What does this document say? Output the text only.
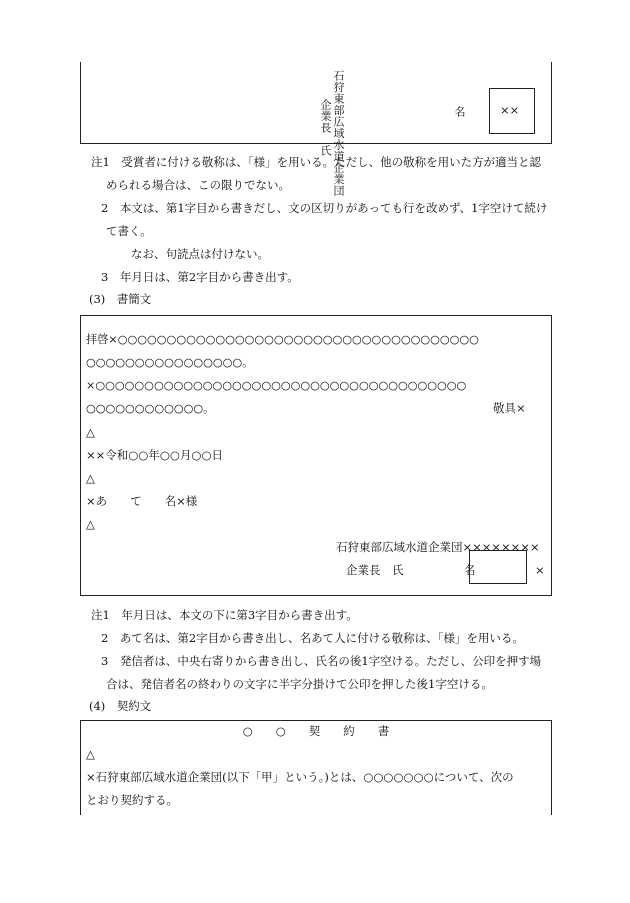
石狩東部広域水道企業団
企業長　氏	名	××
注1　受賞者に付ける敬称は、「様」を用いる。ただし、他の敬称を用いた方が適当と認
められる場合は、この限りでない。
2　本文は、第1字目から書きだし、文の区切りがあっても行を改めず、1字空けて続け
て書く。
なお、句読点は付けない。
3　年月日は、第2字目から書き出す。
(3)　書簡文
拝啓×○○○○○○○○○○○○○○○○○○○○○○○○○○○○○○○○○○○○○
○○○○○○○○○○○○○○○○。
×○○○○○○○○○○○○○○○○○○○○○○○○○○○○○○○○○○○○○○
○○○○○○○○○○○○。	敬具×
△
××令和○○年○○月○○日
△
×あ　　て　　名×様
△
石狩東部広域水道企業団××××××××
企業長　氏	名	×
注1　年月日は、本文の下に第3字目から書き出す。
2　あて名は、第2字目から書き出し、名あて人に付ける敬称は、「様」を用いる。
3　発信者は、中央右寄りから書き出し、氏名の後1字空ける。ただし、公印を押す場
合は、発信者名の終わりの文字に半字分掛けて公印を押した後1字空ける。
(4)　契約文
○　　○　　契　　約　　書
△
×石狩東部広域水道企業団(以下「甲」という。)とは、○○○○○○○について、次の
とおり契約する。
